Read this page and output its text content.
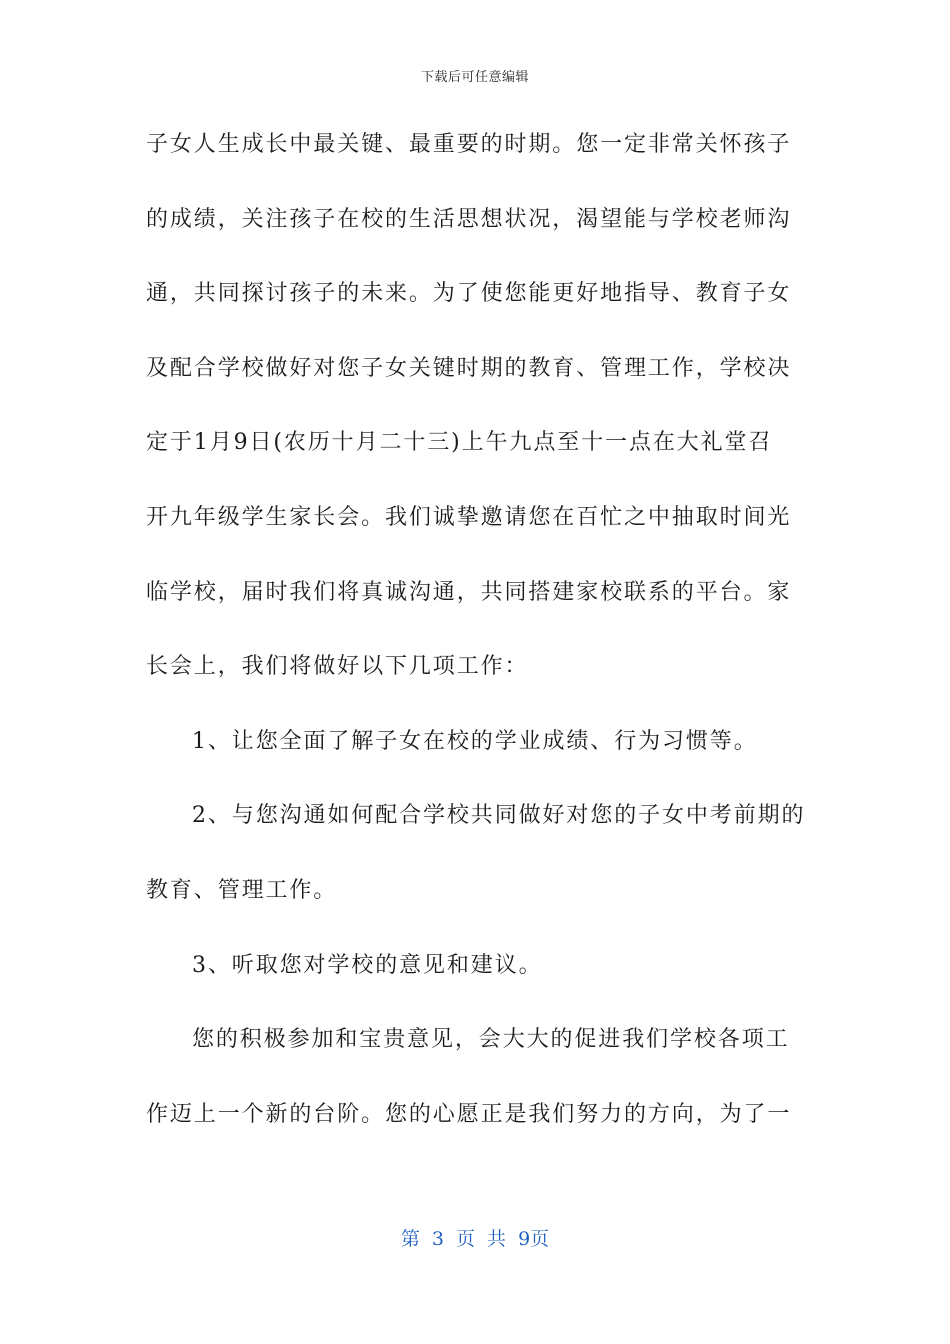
下载后可任意编辑
子女人生成长中最关键、最重要的时期。您一定非常关怀孩子
的成绩，关注孩子在校的生活思想状况，渴望能与学校老师沟
通，共同探讨孩子的未来。为了使您能更好地指导、教育子女
及配合学校做好对您子女关键时期的教育、管理工作，学校决
定于1月9日(农历十月二十三)上午九点至十一点在大礼堂召
开九年级学生家长会。我们诚挚邀请您在百忙之中抽取时间光
临学校，届时我们将真诚沟通，共同搭建家校联系的平台。家
长会上，我们将做好以下几项工作：
1、让您全面了解子女在校的学业成绩、行为习惯等。
2、与您沟通如何配合学校共同做好对您的子女中考前期的
教育、管理工作。
3、听取您对学校的意见和建议。
您的积极参加和宝贵意见，会大大的促进我们学校各项工
作迈上一个新的台阶。您的心愿正是我们努力的方向，为了一
第 3 页 共 9页
